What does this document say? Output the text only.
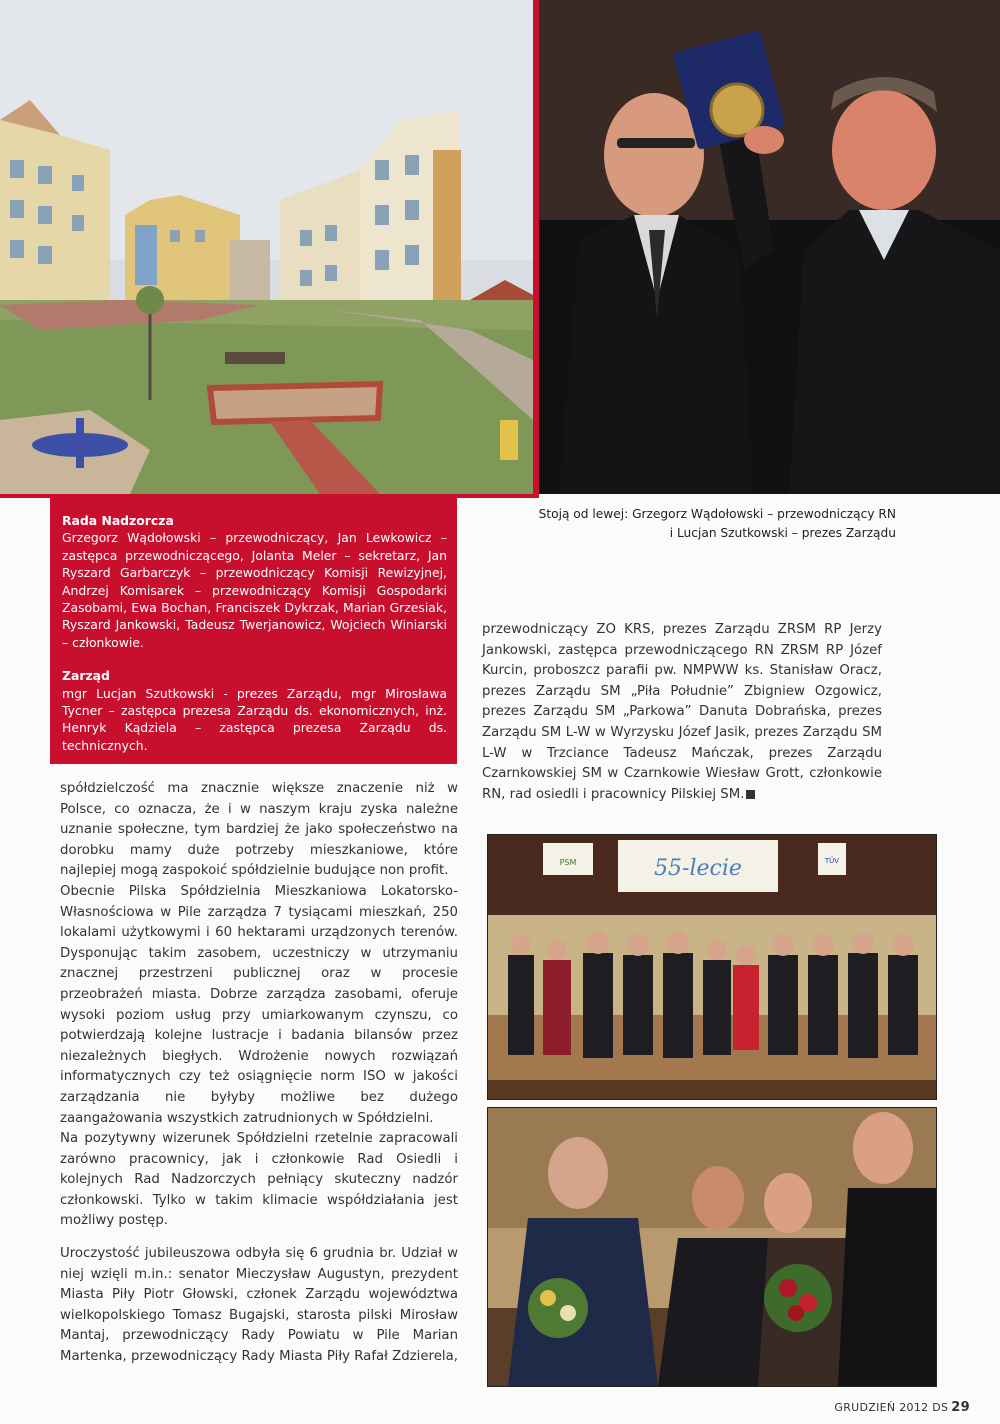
Rada Nadzorcza

Grzegorz Wądołowski – przewodniczący, Jan Lewkowicz – zastępca przewodniczącego, Jolanta Meler – sekretarz, Jan Ryszard Garbarczyk – przewodniczący Komisji Rewizyjnej, Andrzej Komisarek – przewodniczący Komisji Gospodarki Zasobami, Ewa Bochan, Franciszek Dykrzak, Marian Grzesiak, Ryszard Jankowski, Tadeusz Twerjanowicz, Wojciech Winiarski – członkowie.

Zarząd

mgr Lucjan Szutkowski - prezes Zarządu, mgr Mirosława Tycner – zastępca prezesa Zarządu ds. ekonomicznych, inż. Henryk Kądziela – zastępca prezesa Zarządu ds. technicznych.

Stoją od lewej: Grzegorz Wądołowski – przewodniczący RN
i Lucjan Szutkowski – prezes Zarządu

przewodniczący ZO KRS, prezes Zarządu ZRSM RP Jerzy Jankowski, zastępca przewodniczącego RN ZRSM RP Józef Kurcin, proboszcz parafii pw. NMPWW ks. Stanisław Oracz, prezes Zarządu SM „Piła Południe” Zbigniew Ozgowicz, prezes Zarządu SM „Parkowa” Danuta Dobrańska, prezes Zarządu SM L-W w Wyrzysku Józef Jasik, prezes Zarządu SM L-W w Trzciance Tadeusz Mańczak, prezes Zarządu Czarnkowskiej SM w Czarnkowie Wiesław Grott, członkowie RN, rad osiedli i pracownicy Pilskiej SM.

spółdzielczość ma znacznie większe znaczenie niż w Polsce, co oznacza, że i w naszym kraju zyska należne uznanie społeczne, tym bardziej że jako społeczeństwo na dorobku mamy duże potrzeby mieszkaniowe, które najlepiej mogą zaspokoić spółdzielnie budujące non profit.

Obecnie Pilska Spółdzielnia Mieszkaniowa Lokatorsko-Własnościowa w Pile zarządza 7 tysiącami mieszkań, 250 lokalami użytkowymi i 60 hektarami urządzonych terenów. Dysponując takim zasobem, uczestniczy w utrzymaniu znacznej przestrzeni publicznej oraz w procesie przeobrażeń miasta. Dobrze zarządza zasobami, oferuje wysoki poziom usług przy umiarkowanym czynszu, co potwierdzają kolejne lustracje i badania bilansów przez niezależnych biegłych. Wdrożenie nowych rozwiązań informatycznych czy też osiągnięcie norm ISO w jakości zarządzania nie byłyby możliwe bez dużego zaangażowania wszystkich zatrudnionych w Spółdzielni.

Na pozytywny wizerunek Spółdzielni rzetelnie zapracowali zarówno pracownicy, jak i członkowie Rad Osiedli i kolejnych Rad Nadzorczych pełniący skuteczny nadzór członkowski. Tylko w takim klimacie współdziałania jest możliwy postęp.

Uroczystość jubileuszowa odbyła się 6 grudnia br. Udział w niej wzięli m.in.: senator Mieczysław Augustyn, prezydent Miasta Piły Piotr Głowski, członek Zarządu województwa wielkopolskiego Tomasz Bugajski, starosta pilski Mirosław Mantaj, przewodniczący Rady Powiatu w Pile Marian Martenka, przewodniczący Rady Miasta Piły Rafał Zdzierela,

55-lecie
PSM	TÜV
GRUDZIEŃ 2012 DS 29
